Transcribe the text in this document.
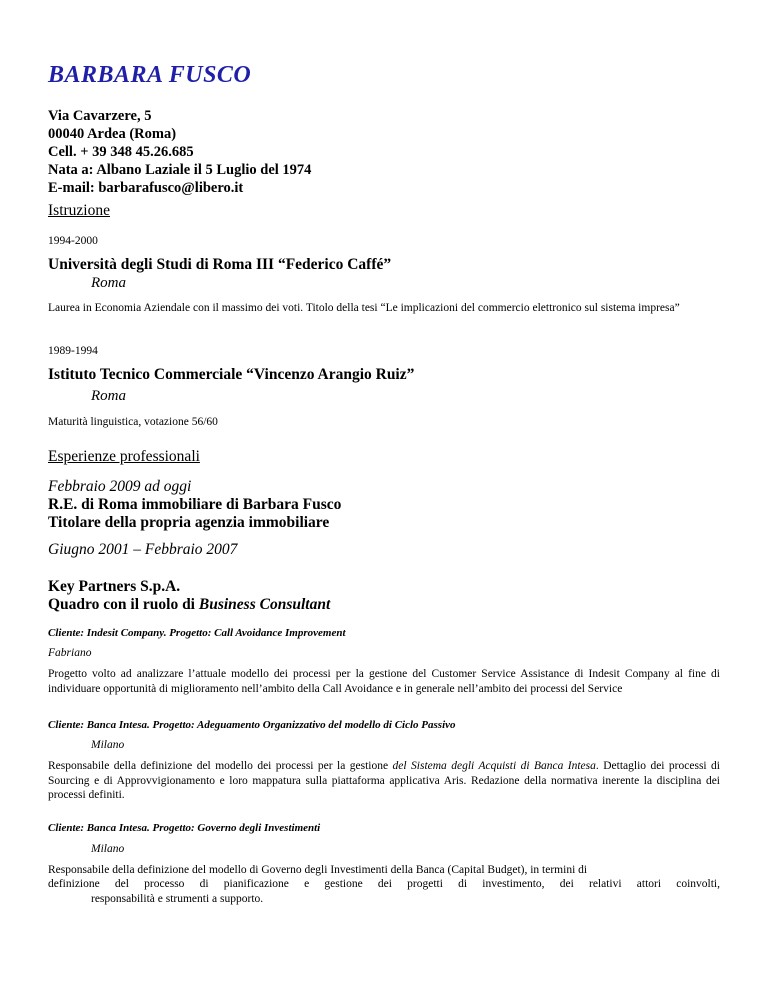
BARBARA FUSCO
Via Cavarzere, 5
00040 Ardea (Roma)
Cell. + 39 348 45.26.685
Nata a: Albano Laziale il 5 Luglio del 1974
E-mail: barbarafusco@libero.it
Istruzione
1994-2000
Università degli Studi di Roma III “Federico Caffé”
Roma
Laurea in Economia Aziendale con il massimo dei voti. Titolo della tesi “Le implicazioni del commercio elettronico sul sistema impresa”
1989-1994
Istituto Tecnico Commerciale “Vincenzo Arangio Ruiz”
Roma
Maturità linguistica, votazione 56/60
Esperienze professionali
Febbraio 2009 ad oggi
R.E. di Roma immobiliare di Barbara Fusco
Titolare della propria agenzia immobiliare
Giugno 2001 – Febbraio 2007
Key Partners S.p.A.
Quadro con il ruolo di Business Consultant
Cliente: Indesit Company. Progetto: Call Avoidance Improvement
Fabriano
Progetto volto ad analizzare l’attuale modello dei processi per la gestione del Customer Service Assistance di Indesit Company al fine di individuare opportunità di miglioramento nell’ambito della Call Avoidance e in generale nell’ambito dei processi del Service
Cliente: Banca Intesa. Progetto: Adeguamento Organizzativo del modello di Ciclo Passivo
Milano
Responsabile della definizione del modello dei processi per la gestione del Sistema degli Acquisti di Banca Intesa. Dettaglio dei processi di Sourcing e di Approvvigionamento e loro mappatura sulla piattaforma applicativa Aris. Redazione della normativa inerente la disciplina dei processi definiti.
Cliente: Banca Intesa. Progetto: Governo degli Investimenti
Milano
Responsabile della definizione del modello di Governo degli Investimenti della Banca (Capital Budget), in termini di
definizione del processo di pianificazione e gestione dei progetti di investimento, dei relativi attori coinvolti,
responsabilità e strumenti a supporto.
